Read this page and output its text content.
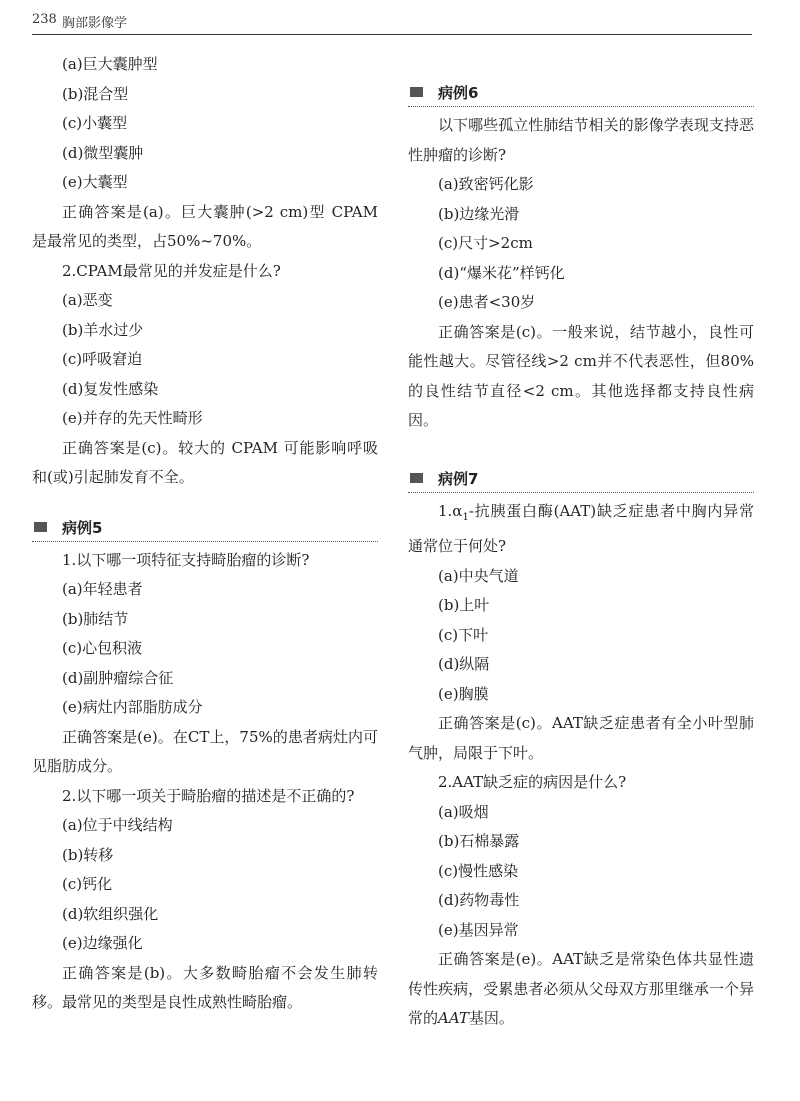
238 胸部影像学
(a)巨大囊肿型
(b)混合型
(c)小囊型
(d)微型囊肿
(e)大囊型
正确答案是(a)。巨大囊肿(>2 cm)型 CPAM 是最常见的类型，占50%~70%。
2.CPAM最常见的并发症是什么?
(a)恶变
(b)羊水过少
(c)呼吸窘迫
(d)复发性感染
(e)并存的先天性畸形
正确答案是(c)。较大的 CPAM 可能影响呼吸和(或)引起肺发育不全。
病例5
1.以下哪一项特征支持畸胎瘤的诊断?
(a)年轻患者
(b)肺结节
(c)心包积液
(d)副肿瘤综合征
(e)病灶内部脂肪成分
正确答案是(e)。在CT上，75%的患者病灶内可见脂肪成分。
2.以下哪一项关于畸胎瘤的描述是不正确的?
(a)位于中线结构
(b)转移
(c)钙化
(d)软组织强化
(e)边缘强化
正确答案是(b)。大多数畸胎瘤不会发生肺转移。最常见的类型是良性成熟性畸胎瘤。
病例6
以下哪些孤立性肺结节相关的影像学表现支持恶性肿瘤的诊断?
(a)致密钙化影
(b)边缘光滑
(c)尺寸>2cm
(d)“爆米花”样钙化
(e)患者<30岁
正确答案是(c)。一般来说，结节越小，良性可能性越大。尽管径线>2 cm并不代表恶性，但80%的良性结节直径<2 cm。其他选择都支持良性病因。
病例7
$1.\alpha_1-$抗胰蛋白酶(AAT)缺乏症患者中胸内异常通常位于何处?
(a)中央气道
(b)上叶
(c)下叶
(d)纵隔
(e)胸膜
正确答案是(c)。AAT缺乏症患者有全小叶型肺气肿，局限于下叶。
2.AAT缺乏症的病因是什么?
(a)吸烟
(b)石棉暴露
(c)慢性感染
(d)药物毒性
(e)基因异常
正确答案是(e)。AAT缺乏是常染色体共显性遗传性疾病，受累患者必须从父母双方那里继承一个异常的AAT基因。
